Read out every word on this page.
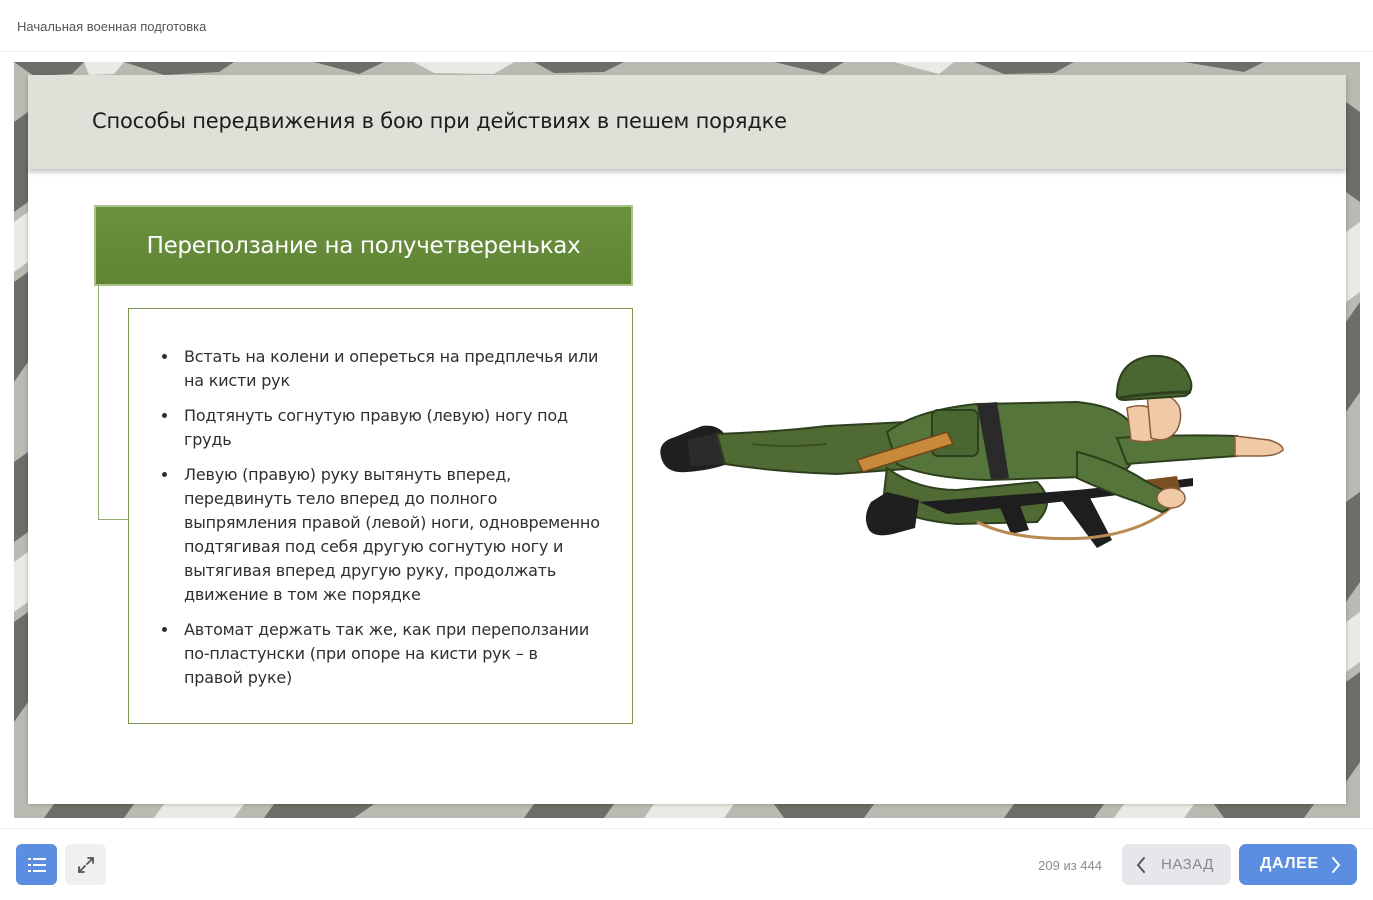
Начальная военная подготовка
Способы передвижения в бою при действиях в пешем порядке
Переползание на получетвереньках
Встать на колени и опереться на предплечья или на кисти рук
Подтянуть согнутую правую (левую) ногу под грудь
Левую (правую) руку вытянуть вперед, передвинуть тело вперед до полного выпрямления правой (левой) ноги, одновременно подтягивая под себя другую согнутую ногу и вытягивая вперед другую руку, продолжать движение в том же порядке
Автомат держать так же, как при переползании по-пластунски (при опоре на кисти рук – в правой руке)
209 из 444	НАЗАД	ДАЛЕЕ
